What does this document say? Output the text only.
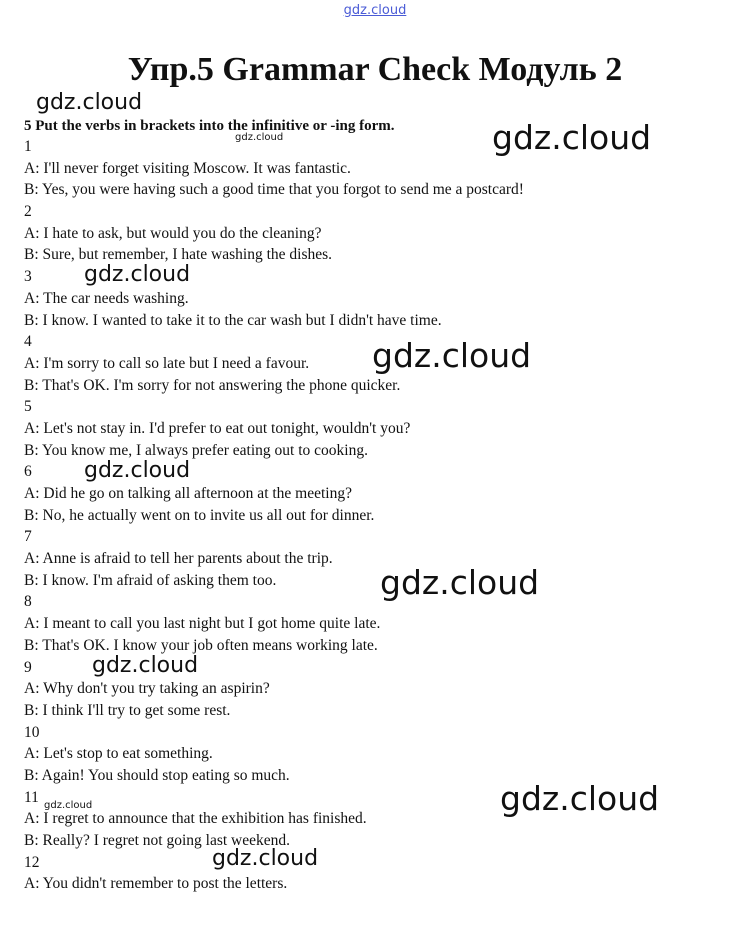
gdz.cloud
Упр.5 Grammar Check Модуль 2
5 Put the verbs in brackets into the infinitive or -ing form.
1
A: I'll never forget visiting Moscow. It was fantastic.
B: Yes, you were having such a good time that you forgot to send me a postcard!
2
A: I hate to ask, but would you do the cleaning?
B: Sure, but remember, I hate washing the dishes.
3
A: The car needs washing.
B: I know. I wanted to take it to the car wash but I didn't have time.
4
A: I'm sorry to call so late but I need a favour.
B: That's OK. I'm sorry for not answering the phone quicker.
5
A: Let's not stay in. I'd prefer to eat out tonight, wouldn't you?
B: You know me, I always prefer eating out to cooking.
6
A: Did he go on talking all afternoon at the meeting?
B: No, he actually went on to invite us all out for dinner.
7
A: Anne is afraid to tell her parents about the trip.
B: I know. I'm afraid of asking them too.
8
A: I meant to call you last night but I got home quite late.
B: That's OK. I know your job often means working late.
9
A: Why don't you try taking an aspirin?
B: I think I'll try to get some rest.
10
A: Let's stop to eat something.
B: Again! You should stop eating so much.
11
A: I regret to announce that the exhibition has finished.
B: Really? I regret not going last weekend.
12
A: You didn't remember to post the letters.
gdz.cloud
gdz.cloud	gdz.cloud
gdz.cloud
gdz.cloud
gdz.cloud
gdz.cloud
gdz.cloud
gdz.cloud	gdz.cloud
gdz.cloud
